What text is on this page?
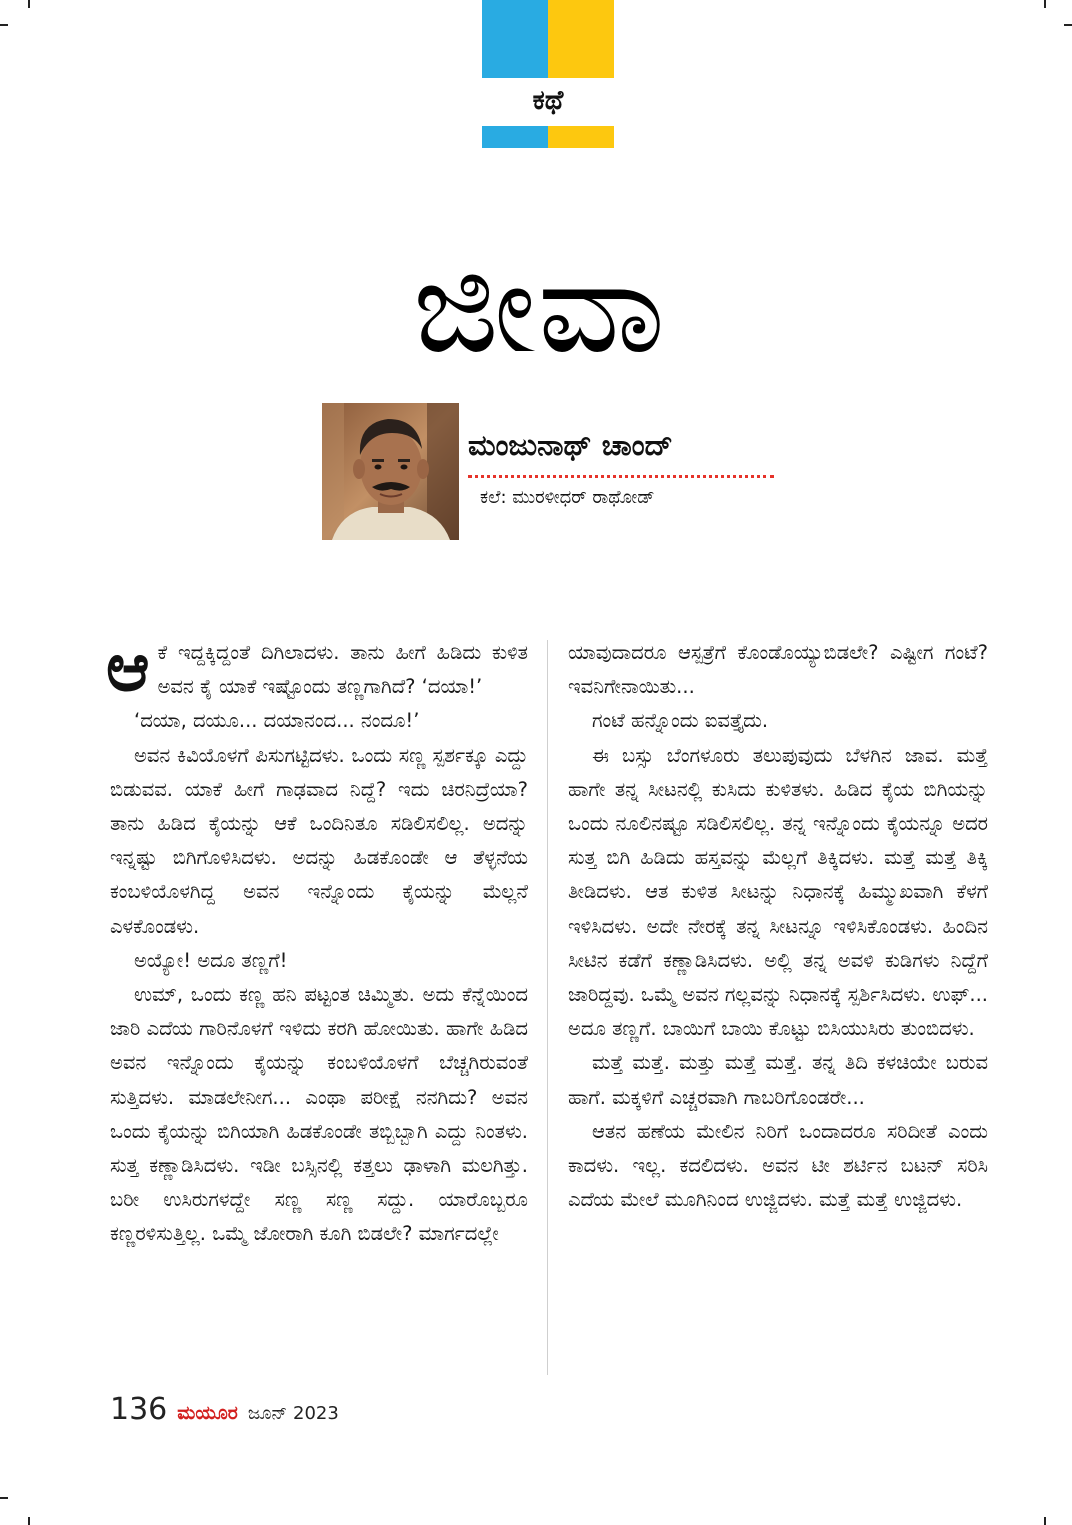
ಕಥೆ
ಜೀವಾ
ಮಂಜುನಾಥ್ ಚಾಂದ್
ಕಲೆ: ಮುರಳೀಧರ್ ರಾಥೋಡ್

ಆಕೆ ಇದ್ದಕ್ಕಿದ್ದಂತೆ ದಿಗಿಲಾದಳು. ತಾನು ಹೀಗೆ ಹಿಡಿದು ಕುಳಿತ ಅವನ ಕೈ ಯಾಕೆ ಇಷ್ಟೊಂದು ತಣ್ಣಗಾಗಿದೆ? ‘ದಯಾ!’

‘ದಯಾ, ದಯೂ... ದಯಾನಂದ... ನಂದೂ!’

ಅವನ ಕಿವಿಯೊಳಗೆ ಪಿಸುಗಟ್ಟಿದಳು. ಒಂದು ಸಣ್ಣ ಸ್ಪರ್ಶಕ್ಕೂ ಎದ್ದು ಬಿಡುವವ. ಯಾಕೆ ಹೀಗೆ ಗಾಢವಾದ ನಿದ್ದೆ? ಇದು ಚಿರನಿದ್ರೆಯಾ? ತಾನು ಹಿಡಿದ ಕೈಯನ್ನು ಆಕೆ ಒಂದಿನಿತೂ ಸಡಿಲಿಸಲಿಲ್ಲ. ಅದನ್ನು ಇನ್ನಷ್ಟು ಬಿಗಿಗೊಳಿಸಿದಳು. ಅದನ್ನು ಹಿಡಕೊಂಡೇ ಆ ತೆಳ್ಳನೆಯ ಕಂಬಳಿಯೊಳಗಿದ್ದ ಅವನ ಇನ್ನೊಂದು ಕೈಯನ್ನು ಮೆಲ್ಲನೆ ಎಳಕೊಂಡಳು.

ಅಯ್ಯೋ! ಅದೂ ತಣ್ಣಗೆ!

ಉಮ್, ಒಂದು ಕಣ್ಣ ಹನಿ ಪಟ್ಟಂತ ಚಿಮ್ಮಿತು. ಅದು ಕೆನ್ನೆಯಿಂದ ಜಾರಿ ಎದೆಯ ಗಾರಿನೊಳಗೆ ಇಳಿದು ಕರಗಿ ಹೋಯಿತು. ಹಾಗೇ ಹಿಡಿದ ಅವನ ಇನ್ನೊಂದು ಕೈಯನ್ನು ಕಂಬಳಿಯೊಳಗೆ ಬೆಚ್ಚಗಿರುವಂತೆ ಸುತ್ತಿದಳು. ಮಾಡಲೇನೀಗ... ಎಂಥಾ ಪರೀಕ್ಷೆ ನನಗಿದು? ಅವನ ಒಂದು ಕೈಯನ್ನು ಬಿಗಿಯಾಗಿ ಹಿಡಕೊಂಡೇ ತಬ್ಬಿಬ್ಬಾಗಿ ಎದ್ದು ನಿಂತಳು. ಸುತ್ತ ಕಣ್ಣಾಡಿಸಿದಳು. ಇಡೀ ಬಸ್ಸಿನಲ್ಲಿ ಕತ್ತಲು ಢಾಳಾಗಿ ಮಲಗಿತ್ತು. ಬರೀ ಉಸಿರುಗಳದ್ದೇ ಸಣ್ಣ ಸಣ್ಣ ಸದ್ದು. ಯಾರೊಬ್ಬರೂ ಕಣ್ಣರಳಿಸುತ್ತಿಲ್ಲ. ಒಮ್ಮೆ ಜೋರಾಗಿ ಕೂಗಿ ಬಿಡಲೇ? ಮಾರ್ಗದಲ್ಲೇ

ಯಾವುದಾದರೂ ಆಸ್ಪತ್ರೆಗೆ ಕೊಂಡೊಯ್ಯುಬಿಡಲೇ? ಎಷ್ಟೀಗ ಗಂಟೆ? ಇವನಿಗೇನಾಯಿತು...

ಗಂಟೆ ಹನ್ನೊಂದು ಐವತ್ತೈದು.

ಈ ಬಸ್ಸು ಬೆಂಗಳೂರು ತಲುಪುವುದು ಬೆಳಗಿನ ಜಾವ. ಮತ್ತೆ ಹಾಗೇ ತನ್ನ ಸೀಟನಲ್ಲಿ ಕುಸಿದು ಕುಳಿತಳು. ಹಿಡಿದ ಕೈಯ ಬಿಗಿಯನ್ನು ಒಂದು ನೂಲಿನಷ್ಟೂ ಸಡಿಲಿಸಲಿಲ್ಲ. ತನ್ನ ಇನ್ನೊಂದು ಕೈಯನ್ನೂ ಅದರ ಸುತ್ತ ಬಿಗಿ ಹಿಡಿದು ಹಸ್ತವನ್ನು ಮೆಲ್ಲಗೆ ತಿಕ್ಕಿದಳು. ಮತ್ತೆ ಮತ್ತೆ ತಿಕ್ಕಿ ತೀಡಿದಳು. ಆತ ಕುಳಿತ ಸೀಟನ್ನು ನಿಧಾನಕ್ಕೆ ಹಿಮ್ಮುಖವಾಗಿ ಕೆಳಗೆ ಇಳಿಸಿದಳು. ಅದೇ ನೇರಕ್ಕೆ ತನ್ನ ಸೀಟನ್ನೂ ಇಳಿಸಿಕೊಂಡಳು. ಹಿಂದಿನ ಸೀಟಿನ ಕಡೆಗೆ ಕಣ್ಣಾಡಿಸಿದಳು. ಅಲ್ಲಿ ತನ್ನ ಅವಳಿ ಕುಡಿಗಳು ನಿದ್ದೆಗೆ ಜಾರಿದ್ದವು. ಒಮ್ಮೆ ಅವನ ಗಲ್ಲವನ್ನು ನಿಧಾನಕ್ಕೆ ಸ್ಪರ್ಶಿಸಿದಳು. ಉಫ್... ಅದೂ ತಣ್ಣಗೆ. ಬಾಯಿಗೆ ಬಾಯಿ ಕೊಟ್ಟು ಬಿಸಿಯುಸಿರು ತುಂಬಿದಳು.

ಮತ್ತೆ ಮತ್ತೆ. ಮತ್ತು ಮತ್ತೆ ಮತ್ತೆ. ತನ್ನ ತಿದಿ ಕಳಚಿಯೇ ಬರುವ ಹಾಗೆ. ಮಕ್ಕಳಿಗೆ ಎಚ್ಚರವಾಗಿ ಗಾಬರಿಗೊಂಡರೇ...

ಆತನ ಹಣೆಯ ಮೇಲಿನ ನಿರಿಗೆ ಒಂದಾದರೂ ಸರಿದೀತೆ ಎಂದು ಕಾದಳು. ಇಲ್ಲ. ಕದಲಿದಳು. ಅವನ ಟೀ ಶರ್ಟಿನ ಬಟನ್ ಸರಿಸಿ ಎದೆಯ ಮೇಲೆ ಮೂಗಿನಿಂದ ಉಜ್ಜಿದಳು. ಮತ್ತೆ ಮತ್ತೆ ಉಜ್ಜಿದಳು.

136 ಮಯೂರ ಜೂನ್ 2023
